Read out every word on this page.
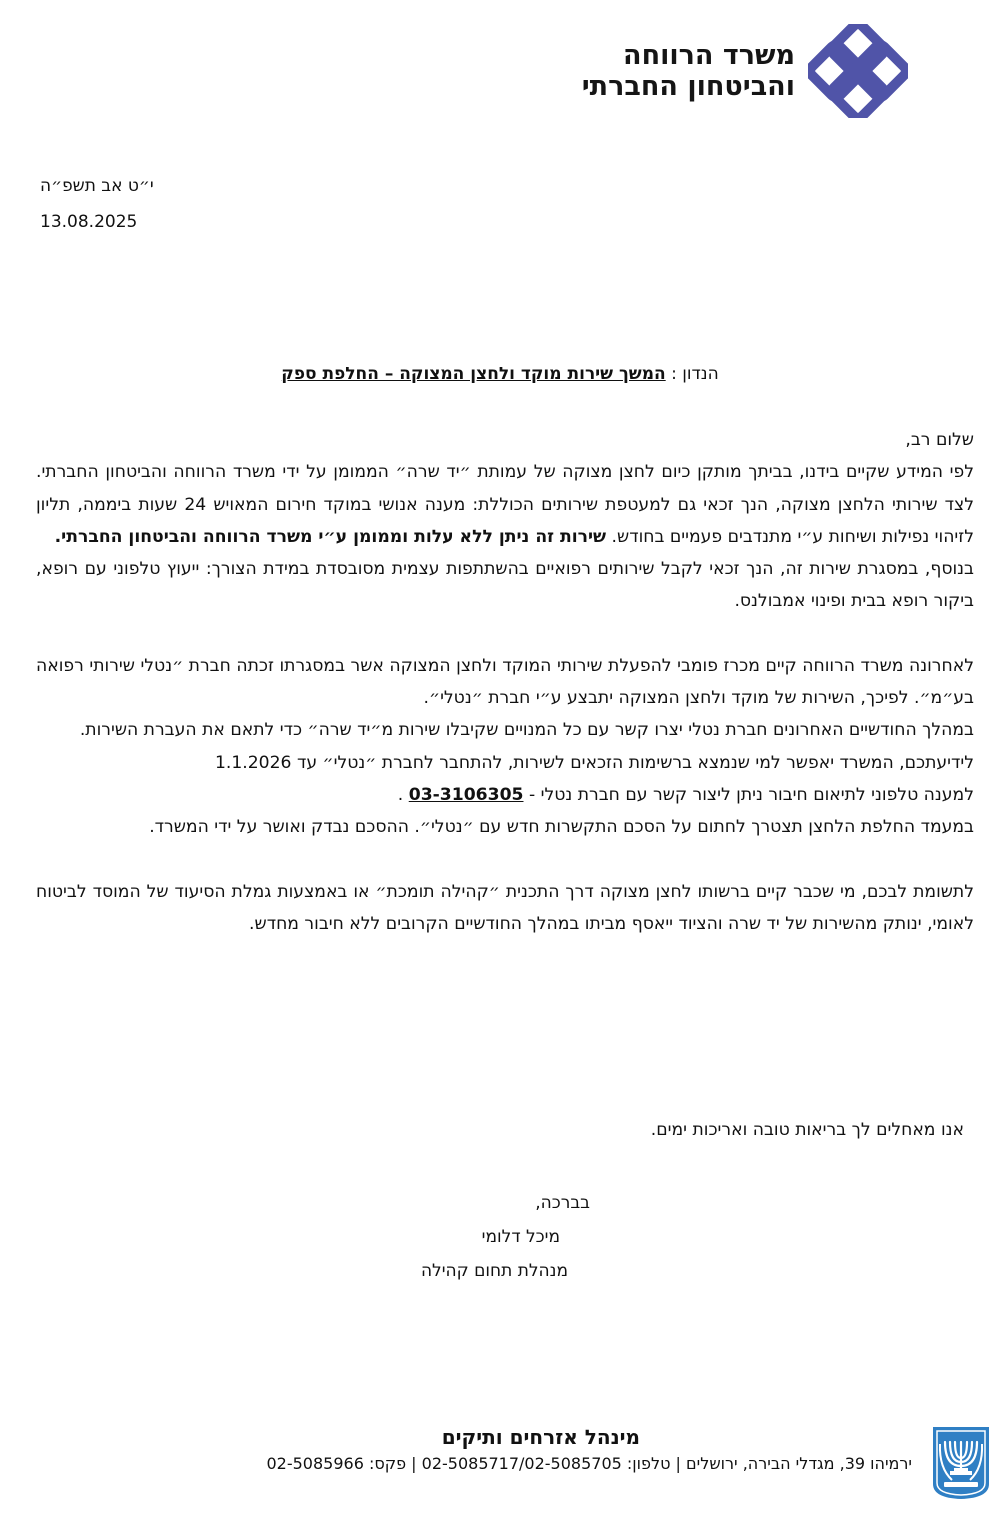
משרד הרווחה
והביטחון החברתי
י״ט אב תשפ״ה
13.08.2025
הנדון : המשך שירות מוקד ולחצן המצוקה – החלפת ספק

שלום רב,

לפי המידע שקיים בידנו, בביתך מותקן כיום לחצן מצוקה של עמותת ״יד שרה״ הממומן על ידי משרד הרווחה והביטחון החברתי. לצד שירותי הלחצן מצוקה, הנך זכאי גם למעטפת שירותים הכוללת: מענה אנושי במוקד חירום המאויש 24 שעות ביממה, תליון לזיהוי נפילות ושיחות ע״י מתנדבים פעמיים בחודש. שירות זה ניתן ללא עלות וממומן ע״י משרד הרווחה והביטחון החברתי.

בנוסף, במסגרת שירות זה, הנך זכאי לקבל שירותים רפואיים בהשתתפות עצמית מסובסדת במידת הצורך: ייעוץ טלפוני עם רופא, ביקור רופא בבית ופינוי אמבולנס.

לאחרונה משרד הרווחה קיים מכרז פומבי להפעלת שירותי המוקד ולחצן המצוקה אשר במסגרתו זכתה חברת ״נטלי שירותי רפואה בע״מ״. לפיכך, השירות של מוקד ולחצן המצוקה יתבצע ע״י חברת ״נטלי״.

במהלך החודשיים האחרונים חברת נטלי יצרו קשר עם כל המנויים שקיבלו שירות מ״יד שרה״ כדי לתאם את העברת השירות.

לידיעתכם, המשרד יאפשר למי שנמצא ברשימות הזכאים לשירות, להתחבר לחברת ״נטלי״ עד 1.1.2026

למענה טלפוני לתיאום חיבור ניתן ליצור קשר עם חברת נטלי - 03-3106305 .

במעמד החלפת הלחצן תצטרך לחתום על הסכם התקשרות חדש עם ״נטלי״. ההסכם נבדק ואושר על ידי המשרד.

לתשומת לבכם, מי שכבר קיים ברשותו לחצן מצוקה דרך התכנית ״קהילה תומכת״ או באמצעות גמלת הסיעוד של המוסד לביטוח לאומי, ינותק מהשירות של יד שרה והציוד ייאסף מביתו במהלך החודשיים הקרובים ללא חיבור מחדש.

אנו מאחלים לך בריאות טובה ואריכות ימים.
בברכה,
מיכל דלומי
מנהלת תחום קהילה
מינהל אזרחים ותיקים
ירמיהו 39, מגדלי הבירה, ירושלים | טלפון: 02-5085717/02-5085705 | פקס: 02-5085966
